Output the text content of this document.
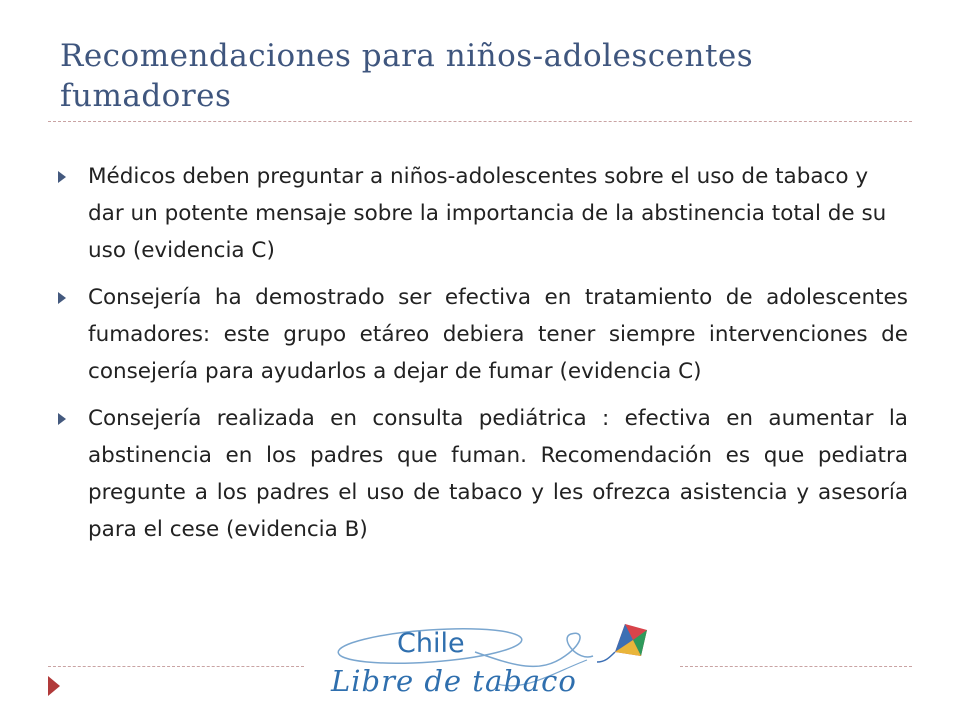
Recomendaciones para niños-adolescentes fumadores
Médicos deben preguntar a niños-adolescentes sobre el uso de tabaco y dar un potente mensaje sobre la importancia de la abstinencia total de su uso (evidencia C)
Consejería ha demostrado ser efectiva en tratamiento de adolescentes fumadores: este grupo etáreo debiera tener siempre intervenciones de consejería para ayudarlos a dejar de fumar (evidencia C)
Consejería realizada en consulta pediátrica : efectiva en aumentar la abstinencia en los padres que fuman. Recomendación es que pediatra pregunte a los padres el uso de tabaco y les ofrezca asistencia y asesoría para el cese (evidencia B)
Chile
Libre de tabaco
